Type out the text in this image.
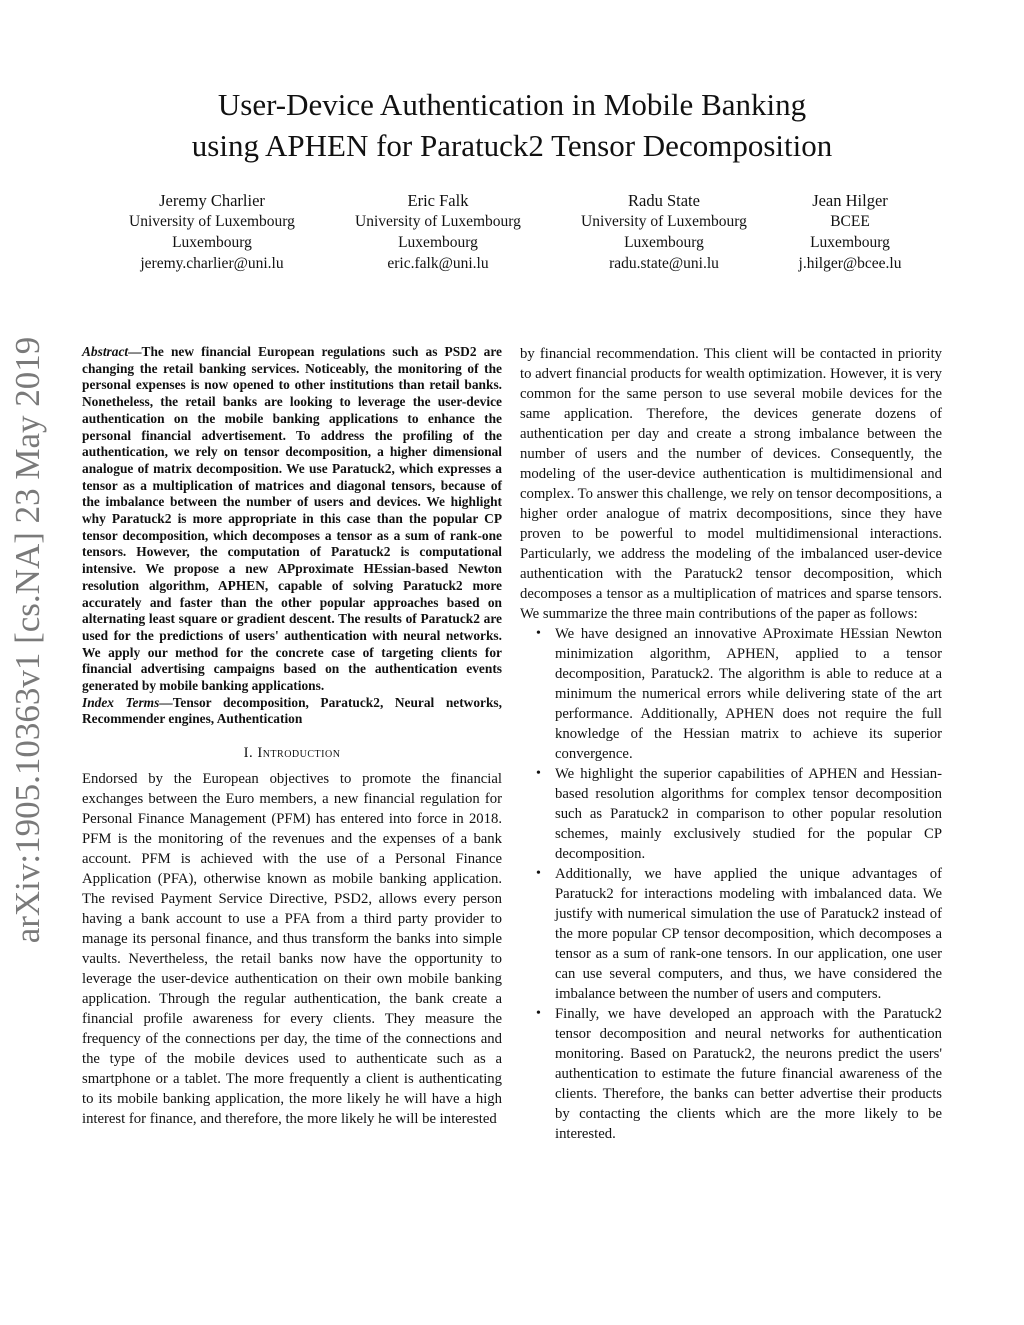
arXiv:1905.10363v1 [cs.NA] 23 May 2019
User-Device Authentication in Mobile Banking
using APHEN for Paratuck2 Tensor Decomposition
Jeremy Charlier
University of Luxembourg
Luxembourg
jeremy.charlier@uni.lu
Eric Falk
University of Luxembourg
Luxembourg
eric.falk@uni.lu
Radu State
University of Luxembourg
Luxembourg
radu.state@uni.lu
Jean Hilger
BCEE
Luxembourg
j.hilger@bcee.lu

Abstract—The new financial European regulations such as PSD2 are changing the retail banking services. Noticeably, the monitoring of the personal expenses is now opened to other institutions than retail banks. Nonetheless, the retail banks are looking to leverage the user-device authentication on the mobile banking applications to enhance the personal financial advertisement. To address the profiling of the authentication, we rely on tensor decomposition, a higher dimensional analogue of matrix decomposition. We use Paratuck2, which expresses a tensor as a multiplication of matrices and diagonal tensors, because of the imbalance between the number of users and devices. We highlight why Paratuck2 is more appropriate in this case than the popular CP tensor decomposition, which decomposes a tensor as a sum of rank-one tensors. However, the computation of Paratuck2 is computational intensive. We propose a new APproximate HEssian-based Newton resolution algorithm, APHEN, capable of solving Paratuck2 more accurately and faster than the other popular approaches based on alternating least square or gradient descent. The results of Paratuck2 are used for the predictions of users' authentication with neural networks. We apply our method for the concrete case of targeting clients for financial advertising campaigns based on the authentication events generated by mobile banking applications.

Index Terms—Tensor decomposition, Paratuck2, Neural networks, Recommender engines, Authentication

I. Introduction

Endorsed by the European objectives to promote the financial exchanges between the Euro members, a new financial regulation for Personal Finance Management (PFM) has entered into force in 2018. PFM is the monitoring of the revenues and the expenses of a bank account. PFM is achieved with the use of a Personal Finance Application (PFA), otherwise known as mobile banking application. The revised Payment Service Directive, PSD2, allows every person having a bank account to use a PFA from a third party provider to manage its personal finance, and thus transform the banks into simple vaults. Nevertheless, the retail banks now have the opportunity to leverage the user-device authentication on their own mobile banking application. Through the regular authentication, the bank create a financial profile awareness for every clients. They measure the frequency of the connections per day, the time of the connections and the type of the mobile devices used to authenticate such as a smartphone or a tablet. The more frequently a client is authenticating to its mobile banking application, the more likely he will have a high interest for finance, and therefore, the more likely he will be interested

by financial recommendation. This client will be contacted in priority to advert financial products for wealth optimization. However, it is very common for the same person to use several mobile devices for the same application. Therefore, the devices generate dozens of authentication per day and create a strong imbalance between the number of users and the number of devices. Consequently, the modeling of the user-device authentication is multidimensional and complex. To answer this challenge, we rely on tensor decompositions, a higher order analogue of matrix decompositions, since they have proven to be powerful to model multidimensional interactions. Particularly, we address the modeling of the imbalanced user-device authentication with the Paratuck2 tensor decomposition, which decomposes a tensor as a multiplication of matrices and sparse tensors. We summarize the three main contributions of the paper as follows:

• We have designed an innovative AProximate HEssian Newton minimization algorithm, APHEN, applied to a tensor decomposition, Paratuck2. The algorithm is able to reduce at a minimum the numerical errors while delivering state of the art performance. Additionally, APHEN does not require the full knowledge of the Hessian matrix to achieve its superior convergence.
• We highlight the superior capabilities of APHEN and Hessian-based resolution algorithms for complex tensor decomposition such as Paratuck2 in comparison to other popular resolution schemes, mainly exclusively studied for the popular CP decomposition.
• Additionally, we have applied the unique advantages of Paratuck2 for interactions modeling with imbalanced data. We justify with numerical simulation the use of Paratuck2 instead of the more popular CP tensor decomposition, which decomposes a tensor as a sum of rank-one tensors. In our application, one user can use several computers, and thus, we have considered the imbalance between the number of users and computers.
• Finally, we have developed an approach with the Paratuck2 tensor decomposition and neural networks for authentication monitoring. Based on Paratuck2, the neurons predict the users' authentication to estimate the future financial awareness of the clients. Therefore, the banks can better advertise their products by contacting the clients which are the more likely to be interested.
